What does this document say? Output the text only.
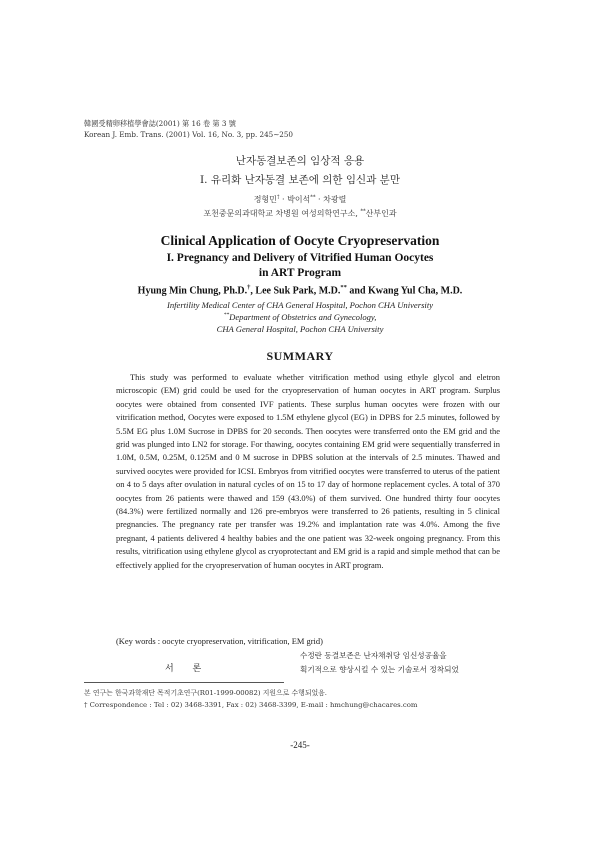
韓國受精卵移植學會誌(2001) 第 16 卷 第 3 號
Korean J. Emb. Trans. (2001) Vol. 16, No. 3, pp. 245∼250
난자동결보존의 임상적 응용
I. 유리화 난자동결 보존에 의한 임신과 분만
정형민† · 박이석** · 차광렬
포천중문의과대학교 차병원 여성의학연구소, **산부인과
Clinical Application of Oocyte Cryopreservation
I. Pregnancy and Delivery of Vitrified Human Oocytes
in ART Program
Hyung Min Chung, Ph.D.†, Lee Suk Park, M.D.** and Kwang Yul Cha, M.D.
Infertility Medical Center of CHA General Hospital, Pochon CHA University
**Department of Obstetrics and Gynecology,
CHA General Hospital, Pochon CHA University
SUMMARY
This study was performed to evaluate whether vitrification method using ethyle glycol and eletron microscopic (EM) grid could be used for the cryopreservation of human oocytes in ART program. Surplus oocytes were obtained from consented IVF patients. These surplus human oocytes were frozen with our vitrification method, Oocytes were exposed to 1.5M ethylene glycol (EG) in DPBS for 2.5 minutes, followed by 5.5M EG plus 1.0M Sucrose in DPBS for 20 seconds. Then oocytes were transferred onto the EM grid and the grid was plunged into LN2 for storage. For thawing, oocytes containing EM grid were sequentially transferred in 1.0M, 0.5M, 0.25M, 0.125M and 0 M sucrose in DPBS solution at the intervals of 2.5 minutes. Thawed and survived oocytes were provided for ICSI. Embryos from vitrified oocytes were transferred to uterus of the patient on 4 to 5 days after ovulation in natural cycles of on 15 to 17 day of hormone replacement cycles. A total of 370 oocytes from 26 patients were thawed and 159 (43.0%) of them survived. One hundred thirty four oocytes (84.3%) were fertilized normally and 126 pre-embryos were transferred to 26 patients, resulting in 5 clinical pregnancies. The pregnancy rate per transfer was 19.2% and implantation rate was 4.0%. Among the five pregnant, 4 patients delivered 4 healthy babies and the one patient was 32-week ongoing pregnancy. From this results, vitrification using ethylene glycol as cryoprotectant and EM grid is a rapid and simple method that can be effectively applied for the cryopreservation of human oocytes in ART program.
(Key words : oocyte cryopreservation, vitrification, EM grid)
서 론
수정란 동결보존은 난자채취당 임신성공율을
획기적으로 향상시킬 수 있는 기술로서 정착되었
본 연구는 한국과학재단 목적기초연구(R01-1999-00082) 지원으로 수행되었음.
† Correspondence : Tel : 02) 3468-3391, Fax : 02) 3468-3399, E-mail : hmchung@chacares.com
-245-
